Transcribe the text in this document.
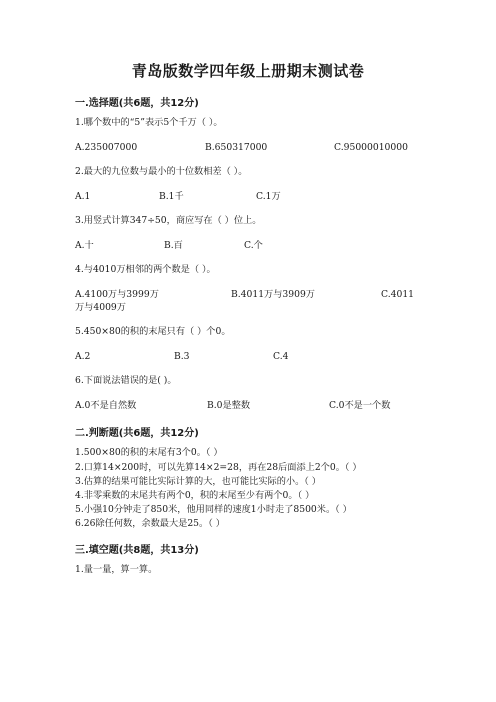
青岛版数学四年级上册期末测试卷
一.选择题(共6题，共12分)
1.哪个数中的“5”表示5个千万（ ）。
A.235007000	B.650317000	C.95000010000
2.最大的九位数与最小的十位数相差（ ）。
A.1	B.1千	C.1万
3.用竖式计算347÷50，商应写在（ ）位上。
A.十	B.百	C.个
4.与4010万相邻的两个数是（ ）。
A.4100万与3999万	B.4011万与3909万	C.4011
万与4009万
5.450×80的积的末尾只有（ ）个0。
A.2	B.3	C.4
6.下面说法错误的是( )。
A.0不是自然数	B.0是整数	C.0不是一个数
二.判断题(共6题，共12分)
1.500×80的积的末尾有3个0。（ ）
2.口算14×200时，可以先算14×2=28，再在28后面添上2个0。（ ）
3.估算的结果可能比实际计算的大，也可能比实际的小。（ ）
4.非零乘数的末尾共有两个0，积的末尾至少有两个0。（ ）
5.小强10分钟走了850米，他用同样的速度1小时走了8500米。（ ）
6.26除任何数，余数最大是25。（ ）
三.填空题(共8题，共13分)
1.量一量，算一算。
